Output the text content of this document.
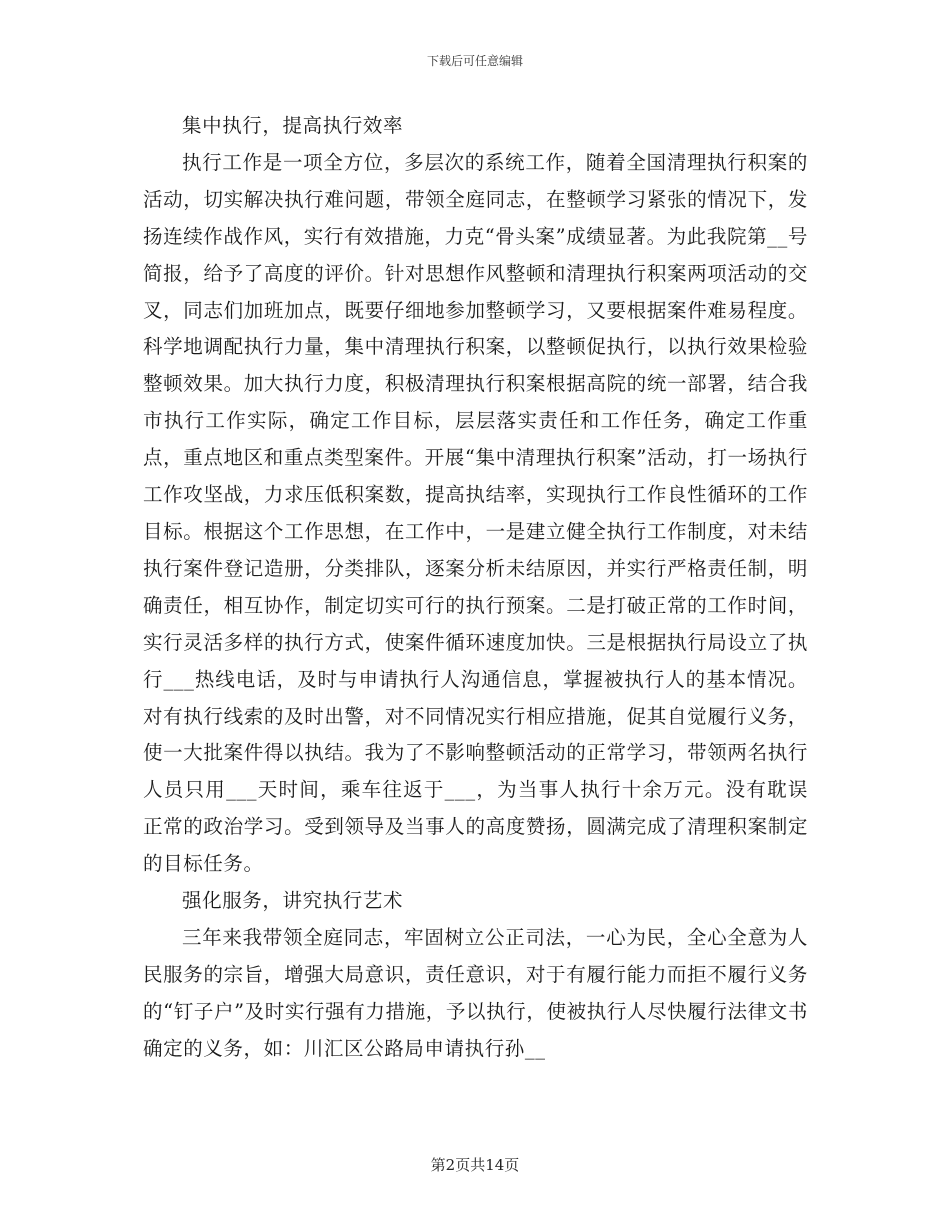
下载后可任意编辑

集中执行，提高执行效率

执行工作是一项全方位，多层次的系统工作，随着全国清理执行积案的活动，切实解决执行难问题，带领全庭同志，在整顿学习紧张的情况下，发扬连续作战作风，实行有效措施，力克“骨头案”成绩显著。为此我院第__号简报，给予了高度的评价。针对思想作风整顿和清理执行积案两项活动的交叉，同志们加班加点，既要仔细地参加整顿学习，又要根据案件难易程度。科学地调配执行力量，集中清理执行积案，以整顿促执行，以执行效果检验整顿效果。加大执行力度，积极清理执行积案根据高院的统一部署，结合我市执行工作实际，确定工作目标，层层落实责任和工作任务，确定工作重点，重点地区和重点类型案件。开展“集中清理执行积案”活动，打一场执行工作攻坚战，力求压低积案数，提高执结率，实现执行工作良性循环的工作目标。根据这个工作思想，在工作中，一是建立健全执行工作制度，对未结执行案件登记造册，分类排队，逐案分析未结原因，并实行严格责任制，明确责任，相互协作，制定切实可行的执行预案。二是打破正常的工作时间，实行灵活多样的执行方式，使案件循环速度加快。三是根据执行局设立了执行___热线电话，及时与申请执行人沟通信息，掌握被执行人的基本情况。对有执行线索的及时出警，对不同情况实行相应措施，促其自觉履行义务，使一大批案件得以执结。我为了不影响整顿活动的正常学习，带领两名执行人员只用___天时间，乘车往返于___，为当事人执行十余万元。没有耽误正常的政治学习。受到领导及当事人的高度赞扬，圆满完成了清理积案制定的目标任务。

强化服务，讲究执行艺术

三年来我带领全庭同志，牢固树立公正司法，一心为民，全心全意为人民服务的宗旨，增强大局意识，责任意识，对于有履行能力而拒不履行义务的“钉子户”及时实行强有力措施，予以执行，使被执行人尽快履行法律文书确定的义务，如：川汇区公路局申请执行孙__

第2页共14页
